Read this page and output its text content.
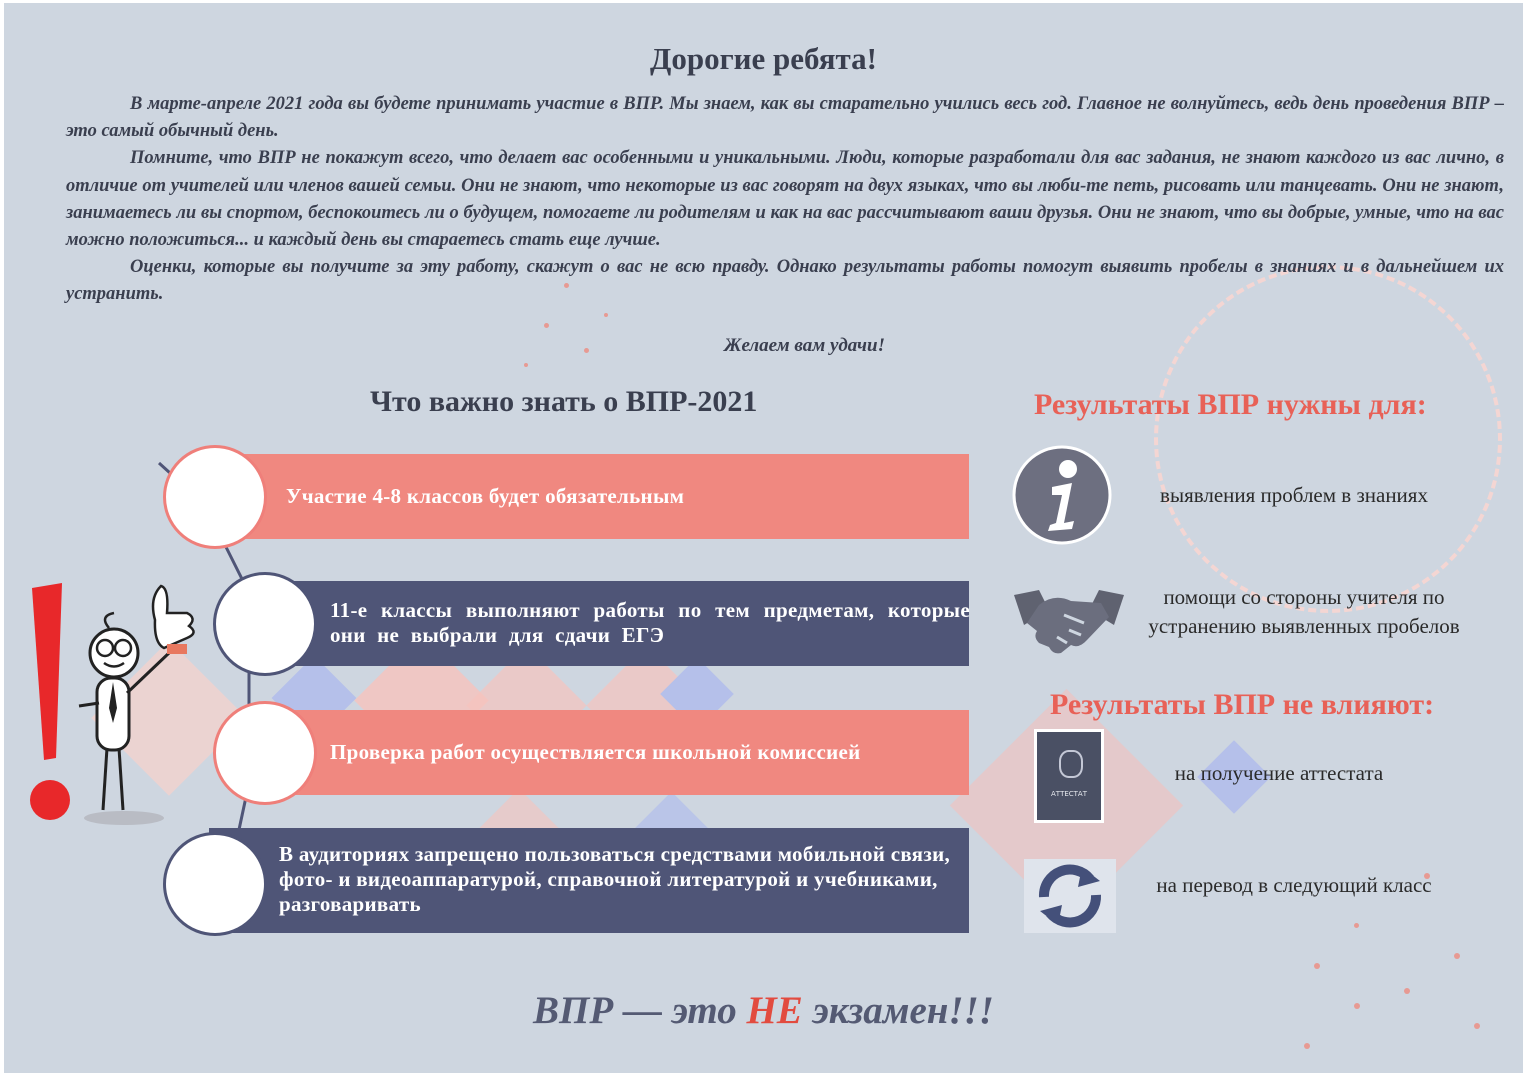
Дорогие ребята!

В марте-апреле 2021 года вы будете принимать участие в ВПР. Мы знаем, как вы старательно учились весь год. Главное не волнуйтесь, ведь день проведения ВПР – это самый обычный день.

Помните, что ВПР не покажут всего, что делает вас особенными и уникальными. Люди, которые разработали для вас задания, не знают каждого из вас лично, в отличие от учителей или членов вашей семьи. Они не знают, что некоторые из вас говорят на двух языках, что вы люби-те петь, рисовать или танцевать. Они не знают, занимаетесь ли вы спортом, беспокоитесь ли о будущем, помогаете ли родителям и как на вас рассчитывают ваши друзья. Они не знают, что вы добрые, умные, что на вас можно положиться... и каждый день вы стараетесь стать еще лучше.

Оценки, которые вы получите за эту работу, скажут о вас не всю правду. Однако результаты работы помогут выявить пробелы в знаниях и в дальнейшем их устранить.

Желаем вам удачи!
Что важно знать о ВПР-2021
Участие 4-8 классов будет обязательным
11-е классы выполняют работы по тем предметам, которые они не выбрали для сдачи ЕГЭ
Проверка работ осуществляется школьной комиссией
В аудиториях запрещено пользоваться средствами мобильной связи, фото- и видеоаппаратурой, справочной литературой и учебниками, разговаривать
Результаты ВПР нужны для:
выявления проблем в знаниях
помощи со стороны учителя по устранению выявленных пробелов
Результаты ВПР не влияют:
АТТЕСТАТ
на получение аттестата
на перевод в следующий класс
ВПР — это НЕ экзамен!!!
